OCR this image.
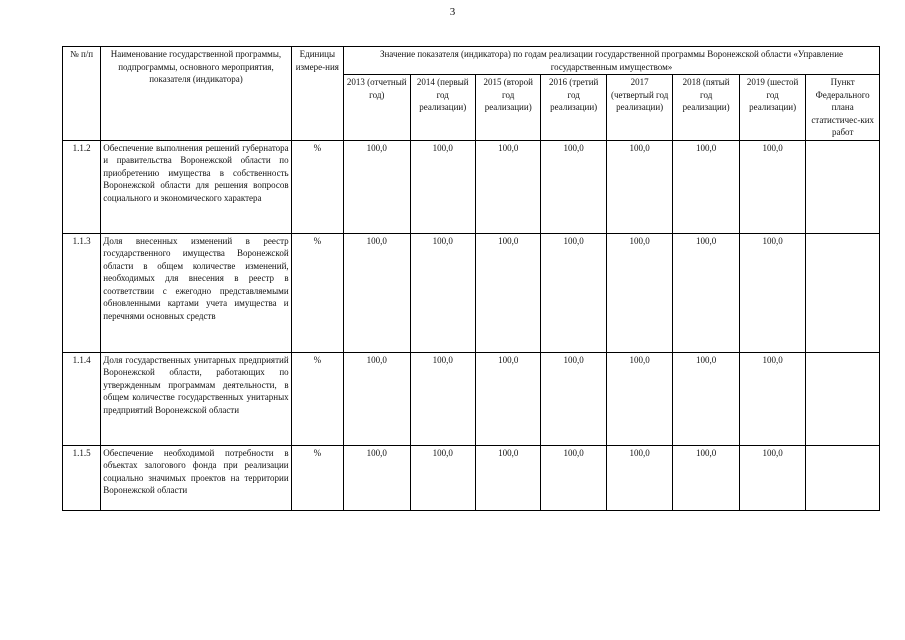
3
№ п/п	Наименование государственной программы, подпрограммы, основного мероприятия, показателя (индикатора)	Единицы измере-ния	Значение показателя (индикатора) по годам реализации государственной программы Воронежской области «Управление государственным имуществом»							
			2013 (отчетный год)	2014 (первый год реализации)	2015 (второй год реализации)	2016 (третий год реализации)	2017 (четвертый год реализации)	2018 (пятый год реализации)	2019 (шестой год реализации)	Пункт Федерального плана статистичес-ких работ
1.1.2	Обеспечение выполнения решений губернатора и правительства Воронежской области по приобретению имущества в собственность Воронежской области для решения вопросов социального и экономического характера	%	100,0	100,0	100,0	100,0	100,0	100,0	100,0	
1.1.3	Доля внесенных изменений в реестр государственного имущества Воронежской области в общем количестве изменений, необходимых для внесения в реестр в соответствии с ежегодно представляемыми обновленными картами учета имущества и перечнями основных средств	%	100,0	100,0	100,0	100,0	100,0	100,0	100,0	
1.1.4	Доля государственных унитарных предприятий Воронежской области, работающих по утвержденным программам деятельности, в общем количестве государственных унитарных предприятий Воронежской области	%	100,0	100,0	100,0	100,0	100,0	100,0	100,0	
1.1.5	Обеспечение необходимой потребности в объектах залогового фонда при реализации социально значимых проектов на территории Воронежской области	%	100,0	100,0	100,0	100,0	100,0	100,0	100,0	
